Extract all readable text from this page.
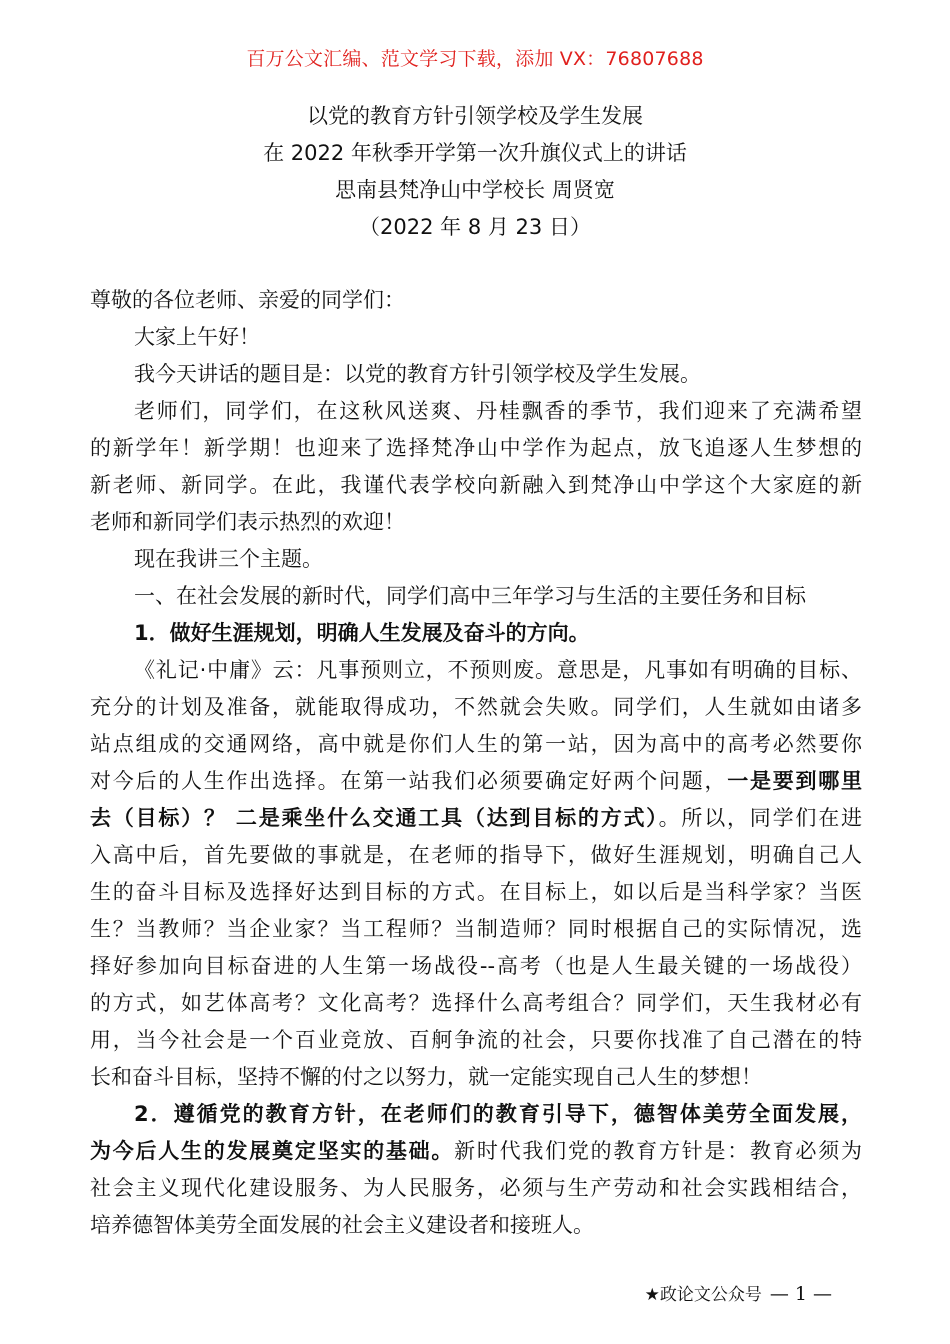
百万公文汇编、范文学习下载，添加 VX：76807688
以党的教育方针引领学校及学生发展
在 2022 年秋季开学第一次升旗仪式上的讲话
思南县梵净山中学校长 周贤宽
（2022 年 8 月 23 日）
尊敬的各位老师、亲爱的同学们：
大家上午好！
我今天讲话的题目是：以党的教育方针引领学校及学生发展。
老师们，同学们，在这秋风送爽、丹桂飘香的季节，我们迎来了充满希望
的新学年！新学期！也迎来了选择梵净山中学作为起点，放飞追逐人生梦想的
新老师、新同学。在此，我谨代表学校向新融入到梵净山中学这个大家庭的新
老师和新同学们表示热烈的欢迎！
现在我讲三个主题。
一、在社会发展的新时代，同学们高中三年学习与生活的主要任务和目标
1．做好生涯规划，明确人生发展及奋斗的方向。
《礼记·中庸》云：凡事预则立，不预则废。意思是，凡事如有明确的目标、
充分的计划及准备，就能取得成功，不然就会失败。同学们，人生就如由诸多
站点组成的交通网络，高中就是你们人生的第一站，因为高中的高考必然要你
对今后的人生作出选择。在第一站我们必须要确定好两个问题，一是要到哪里
去（目标）？ 二是乘坐什么交通工具（达到目标的方式）。所以，同学们在进
入高中后，首先要做的事就是，在老师的指导下，做好生涯规划，明确自己人
生的奋斗目标及选择好达到目标的方式。在目标上，如以后是当科学家？当医
生？当教师？当企业家？当工程师？当制造师？同时根据自己的实际情况，选
择好参加向目标奋进的人生第一场战役--高考（也是人生最关键的一场战役）
的方式，如艺体高考？文化高考？选择什么高考组合？同学们，天生我材必有
用，当今社会是一个百业竞放、百舸争流的社会，只要你找准了自己潜在的特
长和奋斗目标，坚持不懈的付之以努力，就一定能实现自己人生的梦想！
2．遵循党的教育方针，在老师们的教育引导下，德智体美劳全面发展，
为今后人生的发展奠定坚实的基础。新时代我们党的教育方针是：教育必须为
社会主义现代化建设服务、为人民服务，必须与生产劳动和社会实践相结合，
培养德智体美劳全面发展的社会主义建设者和接班人。
★政论文公众号 — 1 —
